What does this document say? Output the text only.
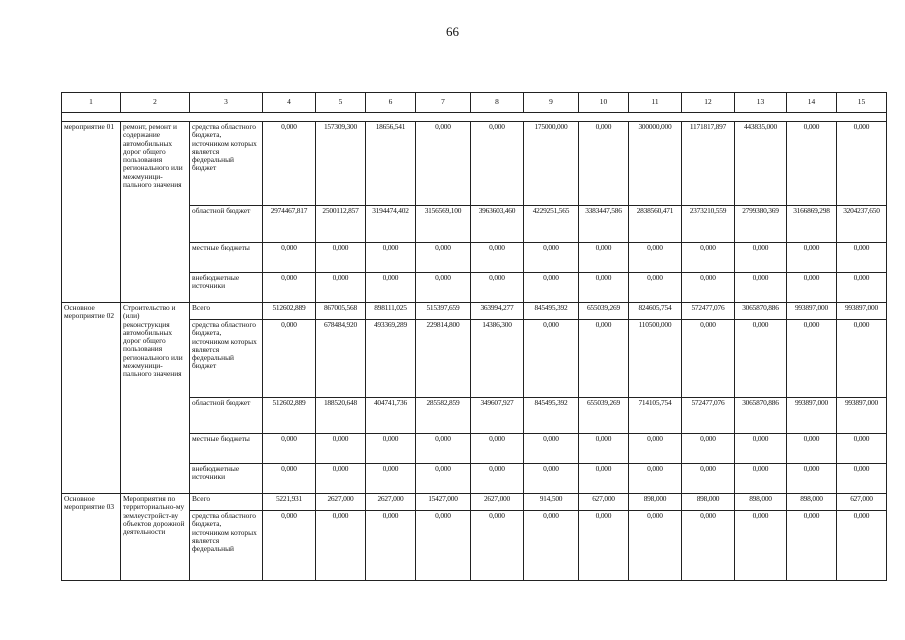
66
1	2	3	4	5	6	7	8	9	10	11	12	13	14	15

мероприятие 01	ремонт, ремонт и содержание автомобильных дорог общего пользования регионального или межмуници-пального значения	средства областного бюджета, источником которых является федеральный бюджет	0,000	157309,300	18656,541	0,000	0,000	175000,000	0,000	300000,000	1171817,897	443835,000	0,000	0,000
		областной бюджет	2974467,817	2500112,857	3194474,402	3156569,100	3963603,460	4229251,565	3383447,586	2838560,471	2373210,559	2799380,369	3166869,298	3204237,650
		местные бюджеты	0,000	0,000	0,000	0,000	0,000	0,000	0,000	0,000	0,000	0,000	0,000	0,000
		внебюджетные источники	0,000	0,000	0,000	0,000	0,000	0,000	0,000	0,000	0,000	0,000	0,000	0,000
Основное мероприятие 02	Строительство и (или) реконструкция автомобильных дорог общего пользования регионального или межмуници-пального значения	Всего	512602,889	867005,568	898111,025	515397,659	363994,277	845495,392	655039,269	824605,754	572477,076	3065870,886	993897,000	993897,000
		средства областного бюджета, источником которых является федеральный бюджет	0,000	678484,920	493369,289	229814,800	14386,300	0,000	0,000	110500,000	0,000	0,000	0,000	0,000
		областной бюджет	512602,889	188520,648	404741,736	285582,859	349607,927	845495,392	655039,269	714105,754	572477,076	3065870,886	993897,000	993897,000
		местные бюджеты	0,000	0,000	0,000	0,000	0,000	0,000	0,000	0,000	0,000	0,000	0,000	0,000
		внебюджетные источники	0,000	0,000	0,000	0,000	0,000	0,000	0,000	0,000	0,000	0,000	0,000	0,000
Основное мероприятие 03	Мероприятия по территориально-му землеустройст-ву объектов дорожной деятельности	Всего	5221,931	2627,000	2627,000	15427,000	2627,000	914,500	627,000	898,000	898,000	898,000	898,000	627,000
		средства областного бюджета, источником которых является федеральный	0,000	0,000	0,000	0,000	0,000	0,000	0,000	0,000	0,000	0,000	0,000	0,000
